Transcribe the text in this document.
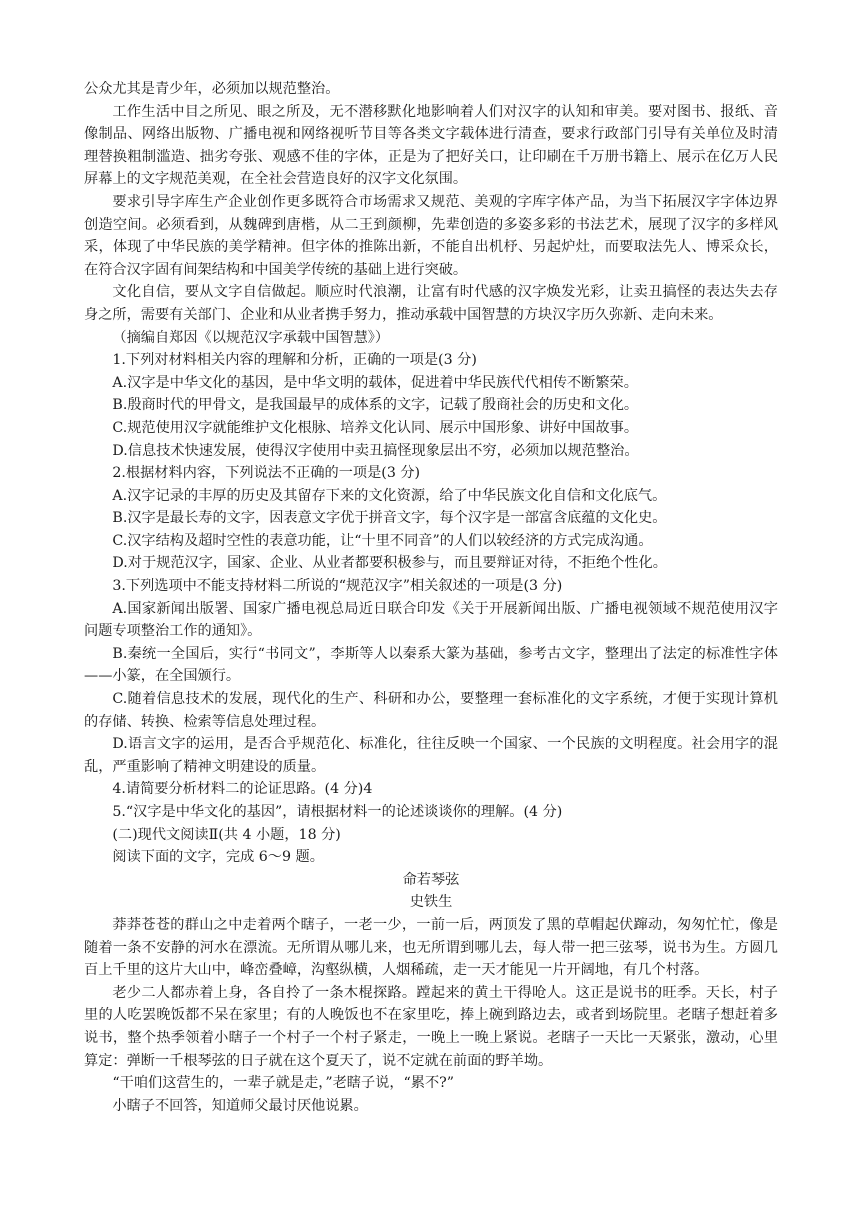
公众尤其是青少年，必须加以规范整治。

工作生活中目之所见、眼之所及，无不潜移默化地影响着人们对汉字的认知和审美。要对图书、报纸、音像制品、网络出版物、广播电视和网络视听节目等各类文字载体进行清查，要求行政部门引导有关单位及时清理替换粗制滥造、拙劣夸张、观感不佳的字体，正是为了把好关口，让印刷在千万册书籍上、展示在亿万人民屏幕上的文字规范美观，在全社会营造良好的汉字文化氛围。

要求引导字库生产企业创作更多既符合市场需求又规范、美观的字库字体产品，为当下拓展汉字字体边界创造空间。必须看到，从魏碑到唐楷，从二王到颜柳，先辈创造的多姿多彩的书法艺术，展现了汉字的多样风采，体现了中华民族的美学精神。但字体的推陈出新，不能自出机杼、另起炉灶，而要取法先人、博采众长，在符合汉字固有间架结构和中国美学传统的基础上进行突破。

文化自信，要从文字自信做起。顺应时代浪潮，让富有时代感的汉字焕发光彩，让卖丑搞怪的表达失去存身之所，需要有关部门、企业和从业者携手努力，推动承载中国智慧的方块汉字历久弥新、走向未来。

（摘编自郑因《以规范汉字承载中国智慧》）

1.下列对材料相关内容的理解和分析，正确的一项是(3 分)

A.汉字是中华文化的基因，是中华文明的载体，促进着中华民族代代相传不断繁荣。

B.殷商时代的甲骨文，是我国最早的成体系的文字，记载了殷商社会的历史和文化。

C.规范使用汉字就能维护文化根脉、培养文化认同、展示中国形象、讲好中国故事。

D.信息技术快速发展，使得汉字使用中卖丑搞怪现象层出不穷，必须加以规范整治。

2.根据材料内容，下列说法不正确的一项是(3 分)

A.汉字记录的丰厚的历史及其留存下来的文化资源，给了中华民族文化自信和文化底气。

B.汉字是最长寿的文字，因表意文字优于拼音文字，每个汉字是一部富含底蕴的文化史。

C.汉字结构及超时空性的表意功能，让“十里不同音”的人们以较经济的方式完成沟通。

D.对于规范汉字，国家、企业、从业者都要积极参与，而且要辩证对待，不拒绝个性化。

3.下列选项中不能支持材料二所说的“规范汉字”相关叙述的一项是(3 分)

A.国家新闻出版署、国家广播电视总局近日联合印发《关于开展新闻出版、广播电视领域不规范使用汉字问题专项整治工作的通知》。

B.秦统一全国后，实行“书同文”，李斯等人以秦系大篆为基础，参考古文字，整理出了法定的标准性字体——小篆，在全国颁行。

C.随着信息技术的发展，现代化的生产、科研和办公，要整理一套标准化的文字系统，才便于实现计算机的存储、转换、检索等信息处理过程。

D.语言文字的运用，是否合乎规范化、标准化，往往反映一个国家、一个民族的文明程度。社会用字的混乱，严重影响了精神文明建设的质量。

4.请简要分析材料二的论证思路。(4 分)4

5.“汉字是中华文化的基因”，请根据材料一的论述谈谈你的理解。(4 分)

(二)现代文阅读Ⅱ(共 4 小题，18 分)

阅读下面的文字，完成 6～9 题。

命若琴弦

史铁生

莽莽苍苍的群山之中走着两个瞎子，一老一少，一前一后，两顶发了黑的草帽起伏蹿动，匆匆忙忙，像是随着一条不安静的河水在漂流。无所谓从哪儿来，也无所谓到哪儿去，每人带一把三弦琴，说书为生。方圆几百上千里的这片大山中，峰峦叠嶂，沟壑纵横，人烟稀疏，走一天才能见一片开阔地，有几个村落。

老少二人都赤着上身，各自拎了一条木棍探路。蹚起来的黄土干得呛人。这正是说书的旺季。天长，村子里的人吃罢晚饭都不呆在家里；有的人晚饭也不在家里吃，捧上碗到路边去，或者到场院里。老瞎子想赶着多说书，整个热季领着小瞎子一个村子一个村子紧走，一晚上一晚上紧说。老瞎子一天比一天紧张，激动，心里算定：弹断一千根琴弦的日子就在这个夏天了，说不定就在前面的野羊坳。

“干咱们这营生的，一辈子就是走，”老瞎子说，“累不?”

小瞎子不回答，知道师父最讨厌他说累。
